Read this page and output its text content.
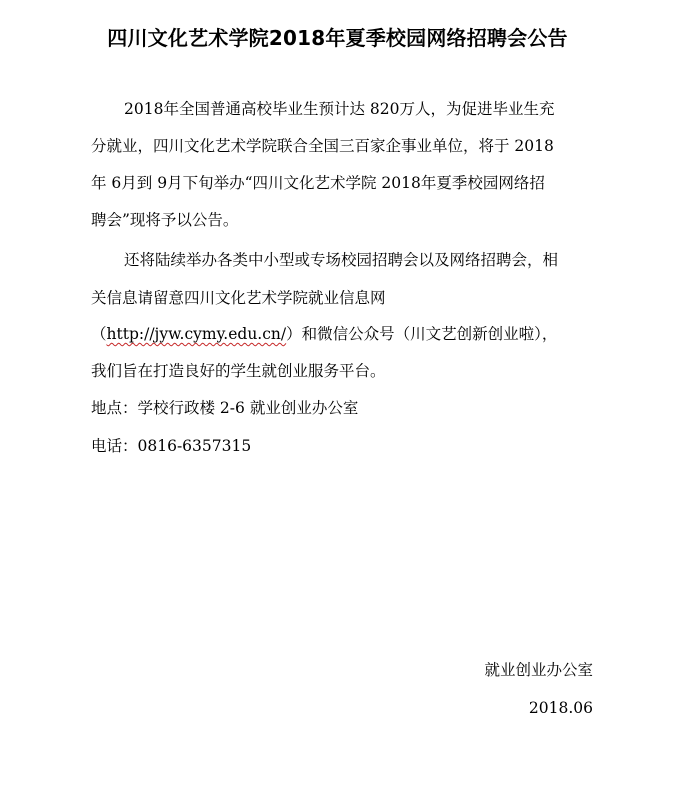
四川文化艺术学院2018年夏季校园网络招聘会公告
2018年全国普通高校毕业生预计达 820万人，为促进毕业生充
分就业，四川文化艺术学院联合全国三百家企事业单位，将于 2018
年 6月到 9月下旬举办“四川文化艺术学院 2018年夏季校园网络招
聘会”现将予以公告。
还将陆续举办各类中小型或专场校园招聘会以及网络招聘会，相
关信息请留意四川文化艺术学院就业信息网
（http://jyw.cymy.edu.cn/）和微信公众号（川文艺创新创业啦），
我们旨在打造良好的学生就创业服务平台。
地点：学校行政楼 2-6 就业创业办公室
电话：0816-6357315
就业创业办公室
2018.06
